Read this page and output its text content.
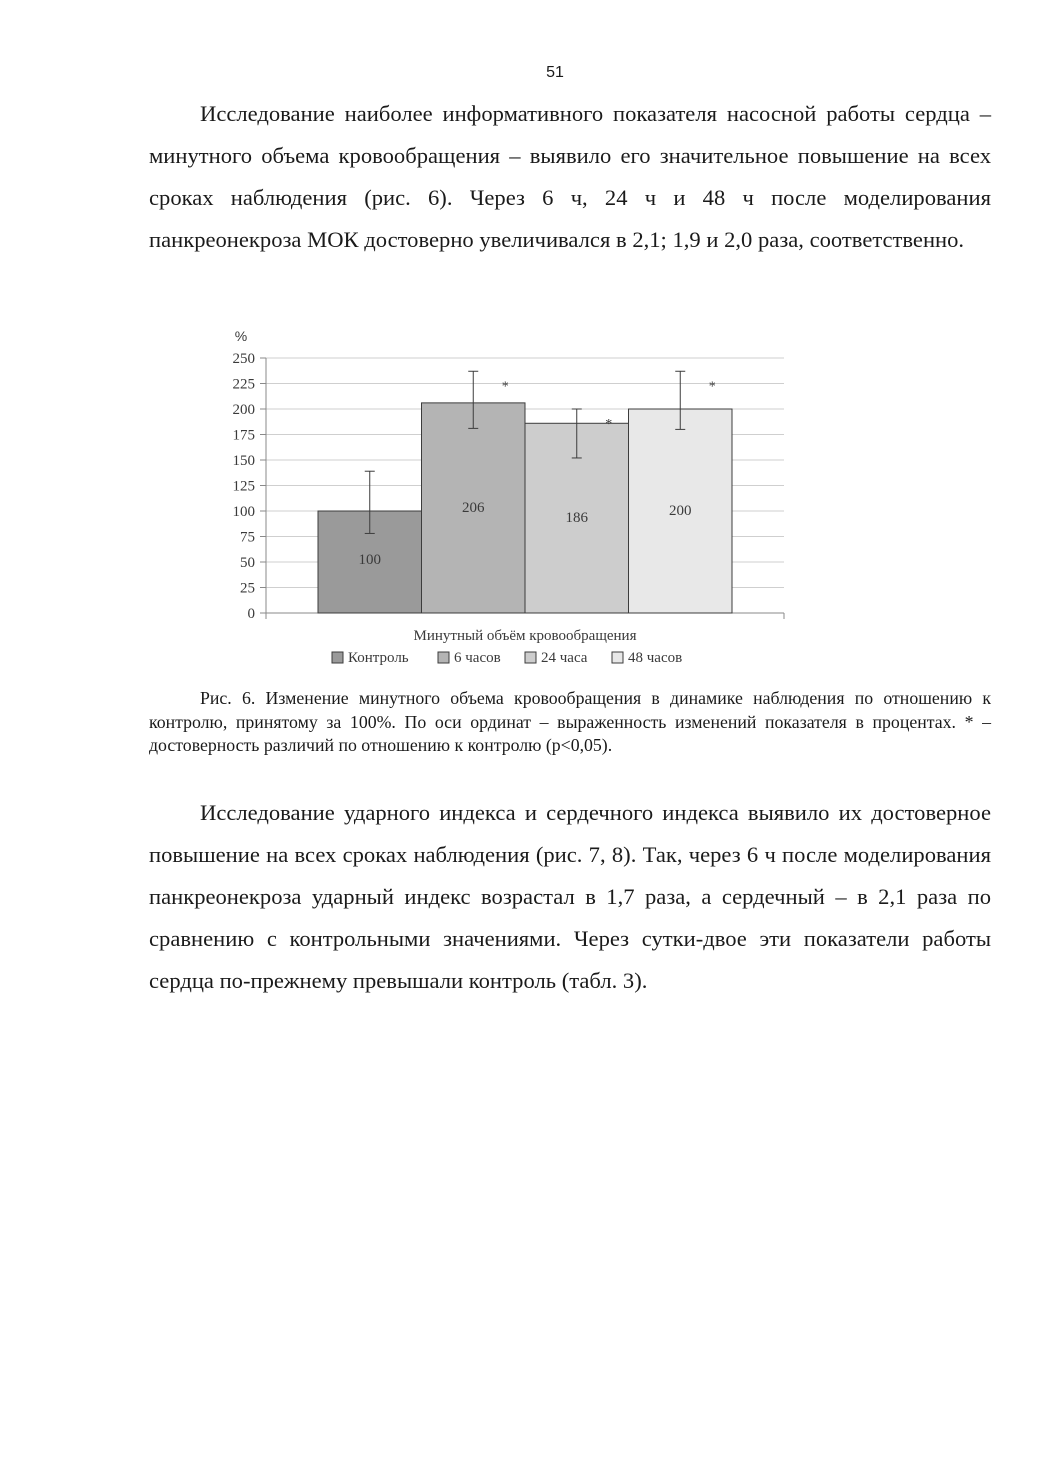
51

Исследование наиболее информативного показателя насосной работы сердца – минутного объема кровообращения – выявило его значительное повышение на всех сроках наблюдения (рис. 6). Через 6 ч, 24 ч и 48 ч после моделирования панкреонекроза МОК достоверно увеличивался в 2,1; 1,9 и 2,0 раза, соответственно.

100
206
*
186
*
200
*
0
25
50
75
100
125
150
175
200
225
250
%
Минутный объём кровообращения
Контроль	6 часов	24 часа	48 часов

Рис. 6. Изменение минутного объема кровообращения в динамике наблюдения по отношению к контролю, принятому за 100%. По оси ординат – выраженность изменений показателя в процентах. * – достоверность различий по отношению к контролю (p<0,05).

Исследование ударного индекса и сердечного индекса выявило их достоверное повышение на всех сроках наблюдения (рис. 7, 8). Так, через 6 ч после моделирования панкреонекроза ударный индекс возрастал в 1,7 раза, а сердечный – в 2,1 раза по сравнению с контрольными значениями. Через сутки-двое эти показатели работы сердца по-прежнему превышали контроль (табл. 3).
